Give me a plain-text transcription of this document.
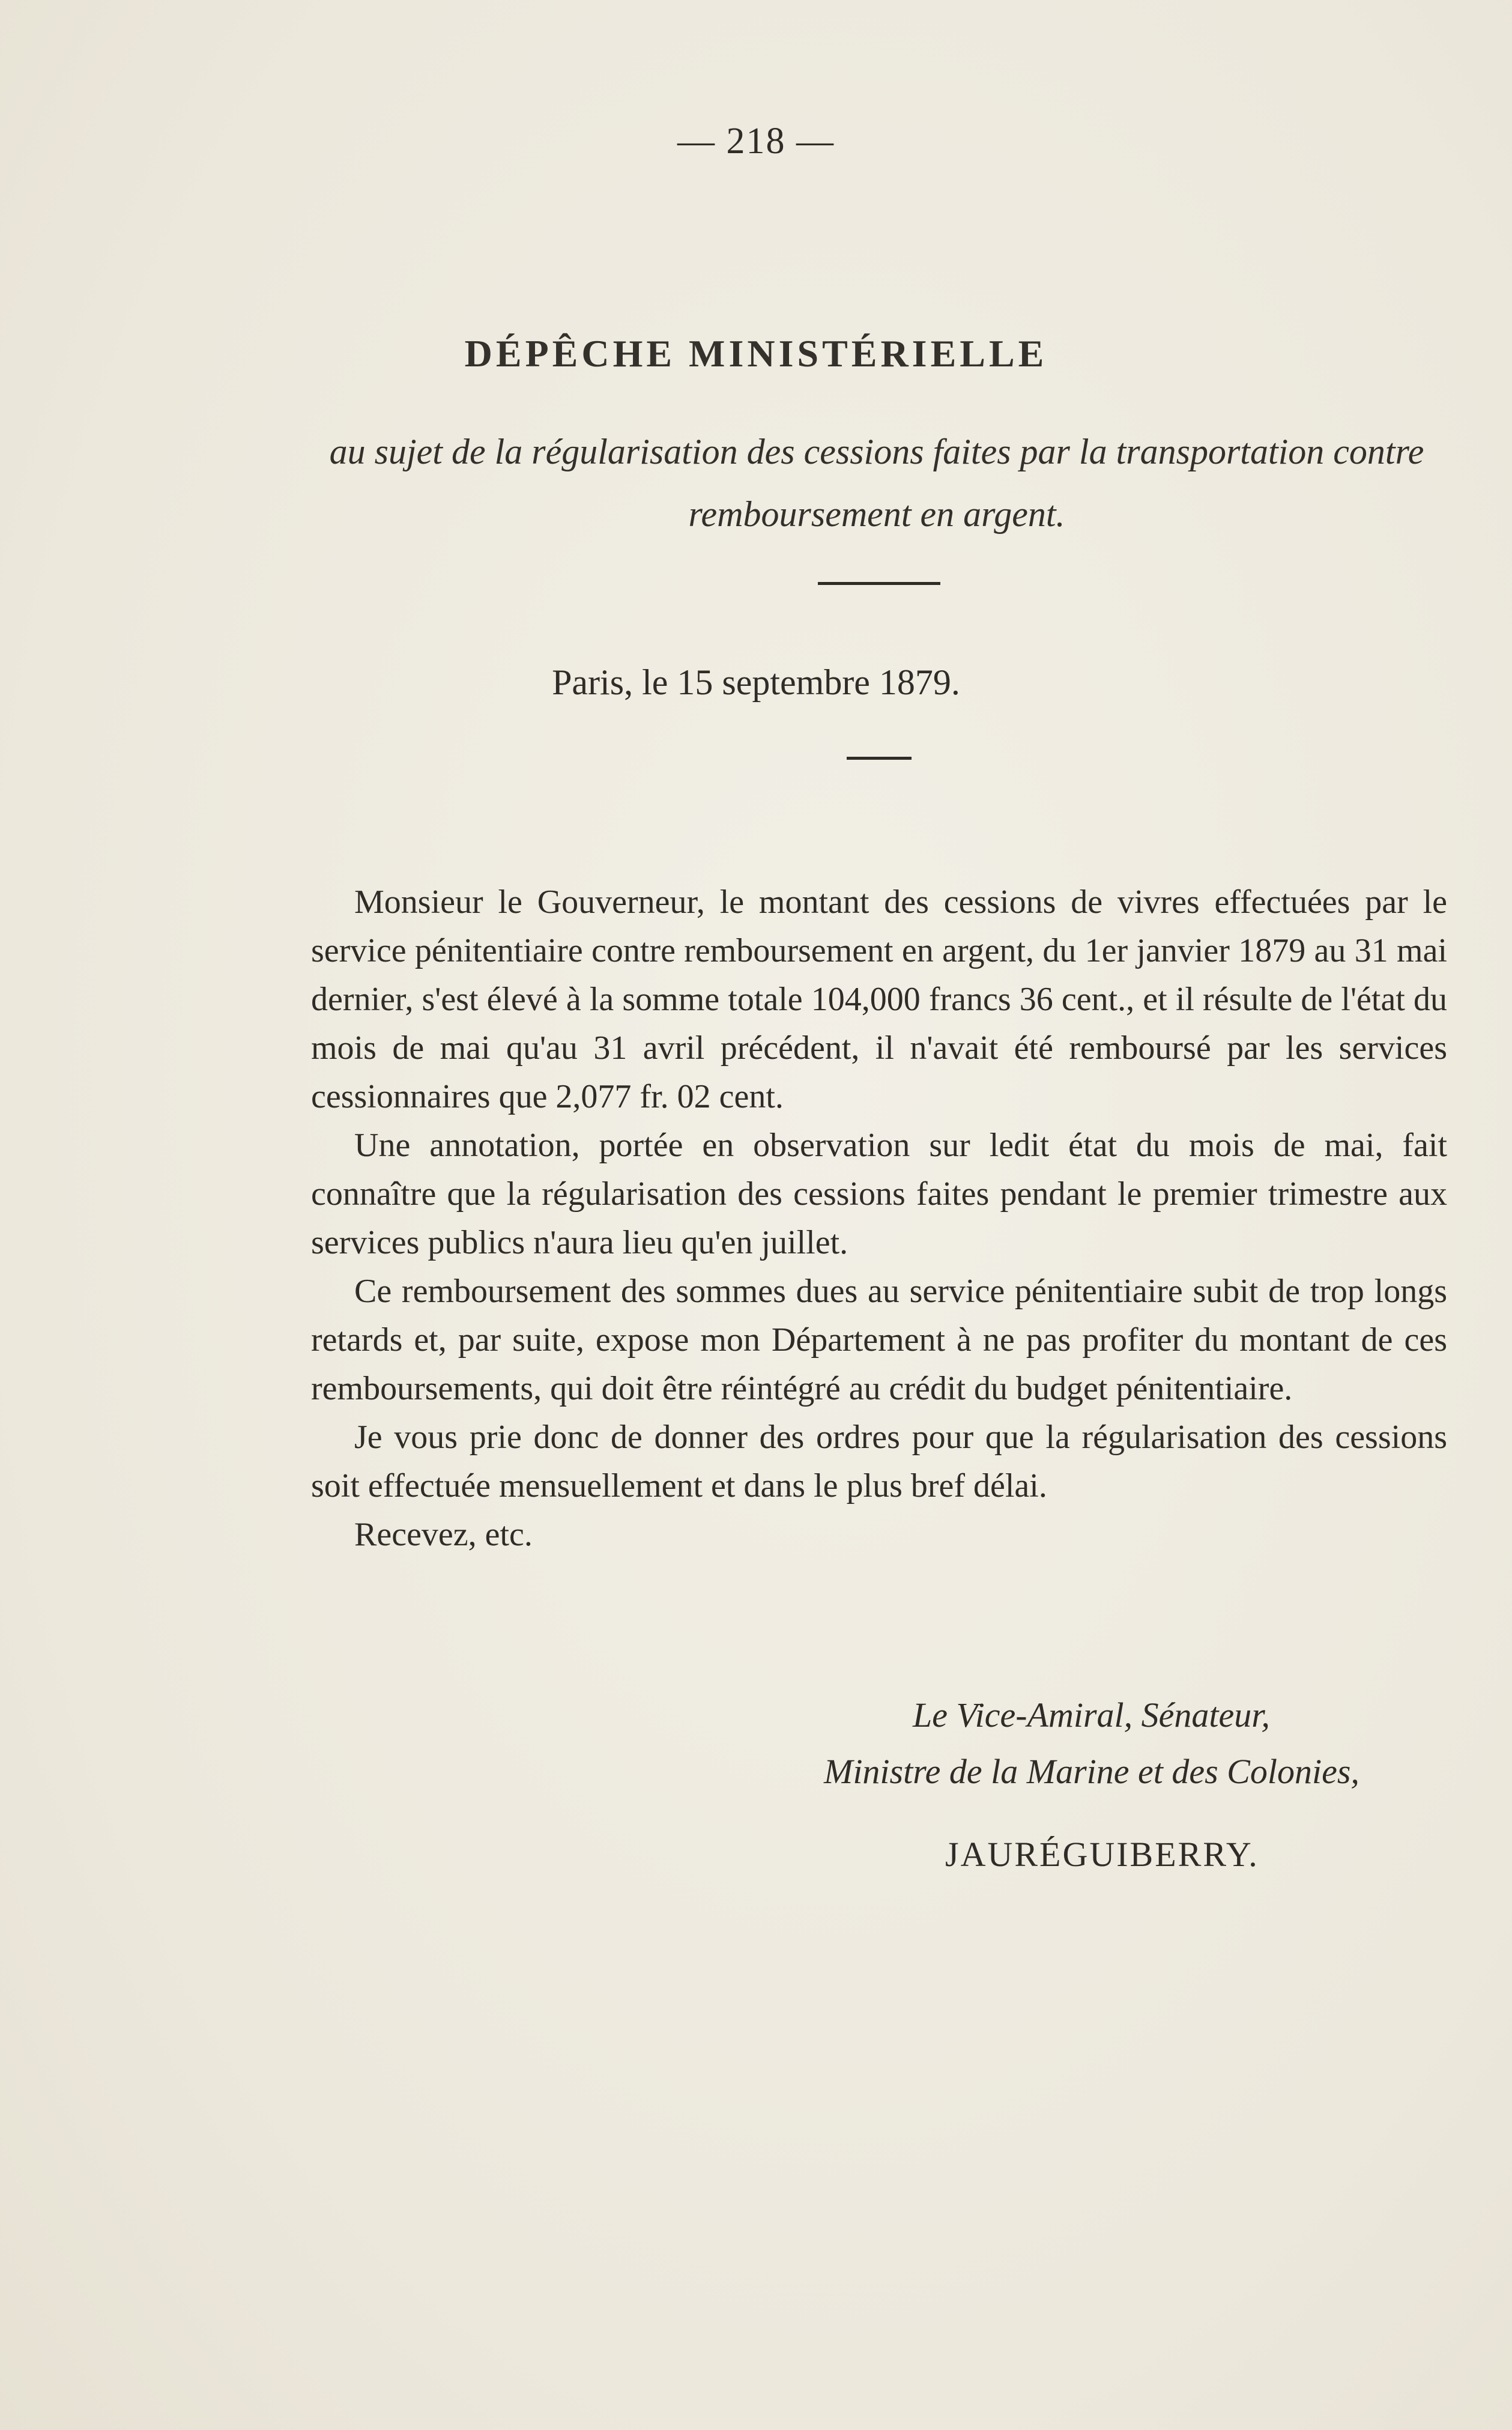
— 218 —
DÉPÊCHE MINISTÉRIELLE
au sujet de la régularisation des cessions faites par la transportation contre remboursement en argent.
Paris, le 15 septembre 1879.

Monsieur le Gouverneur, le montant des cessions de vivres effectuées par le service pénitentiaire contre remboursement en argent, du 1er janvier 1879 au 31 mai dernier, s'est élevé à la somme totale 104,000 francs 36 cent., et il résulte de l'état du mois de mai qu'au 31 avril précédent, il n'avait été remboursé par les services cessionnaires que 2,077 fr. 02 cent.

Une annotation, portée en observation sur ledit état du mois de mai, fait connaître que la régularisation des cessions faites pendant le premier trimestre aux services publics n'aura lieu qu'en juillet.

Ce remboursement des sommes dues au service pénitentiaire subit de trop longs retards et, par suite, expose mon Département à ne pas profiter du montant de ces remboursements, qui doit être réintégré au crédit du budget pénitentiaire.

Je vous prie donc de donner des ordres pour que la régularisation des cessions soit effectuée mensuellement et dans le plus bref délai.

Recevez, etc.

Le Vice-Amiral, Sénateur,
Ministre de la Marine et des Colonies,
JAURÉGUIBERRY.
